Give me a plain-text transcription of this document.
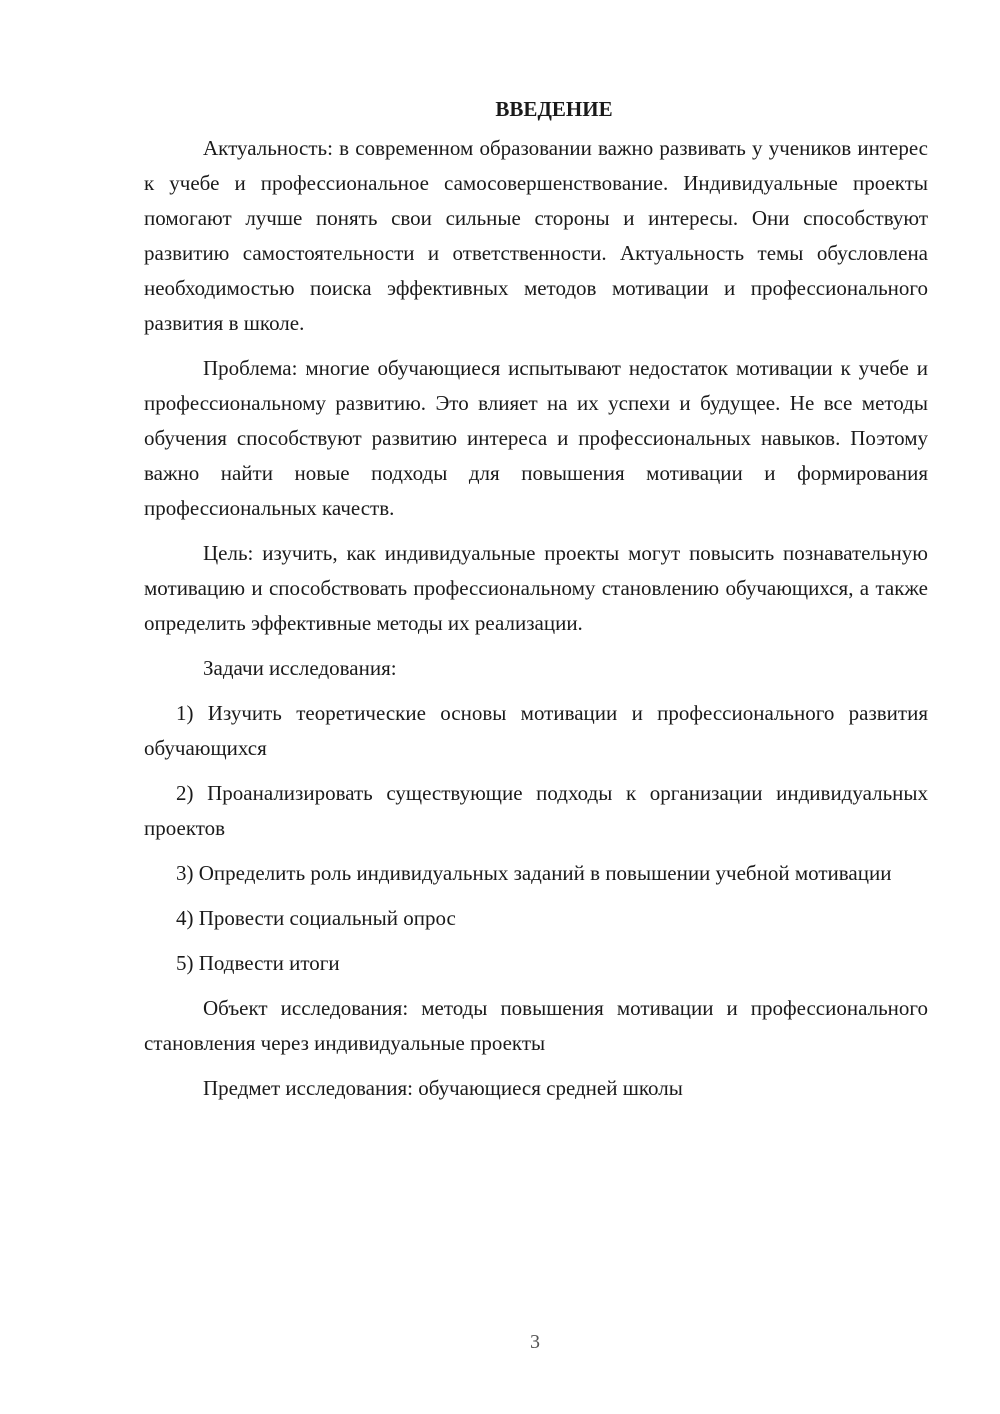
ВВЕДЕНИЕ

Актуальность: в современном образовании важно развивать у учеников интерес к учебе и профессиональное самосовершенствование. Индивидуальные проекты помогают лучше понять свои сильные стороны и интересы. Они способствуют развитию самостоятельности и ответственности. Актуальность темы обусловлена необходимостью поиска эффективных методов мотивации и профессионального развития в школе.

Проблема: многие обучающиеся испытывают недостаток мотивации к учебе и профессиональному развитию. Это влияет на их успехи и будущее. Не все методы обучения способствуют развитию интереса и профессиональных навыков. Поэтому важно найти новые подходы для повышения мотивации и формирования профессиональных качеств.

Цель: изучить, как индивидуальные проекты могут повысить познавательную мотивацию и способствовать профессиональному становлению обучающихся, а также определить эффективные методы их реализации.

Задачи исследования:

1) Изучить теоретические основы мотивации и профессионального развития обучающихся

2) Проанализировать существующие подходы к организации индивидуальных проектов

3) Определить роль индивидуальных заданий в повышении учебной мотивации

4) Провести социальный опрос

5) Подвести итоги

Объект исследования: методы повышения мотивации и профессионального становления через индивидуальные проекты

Предмет исследования: обучающиеся средней школы

3
